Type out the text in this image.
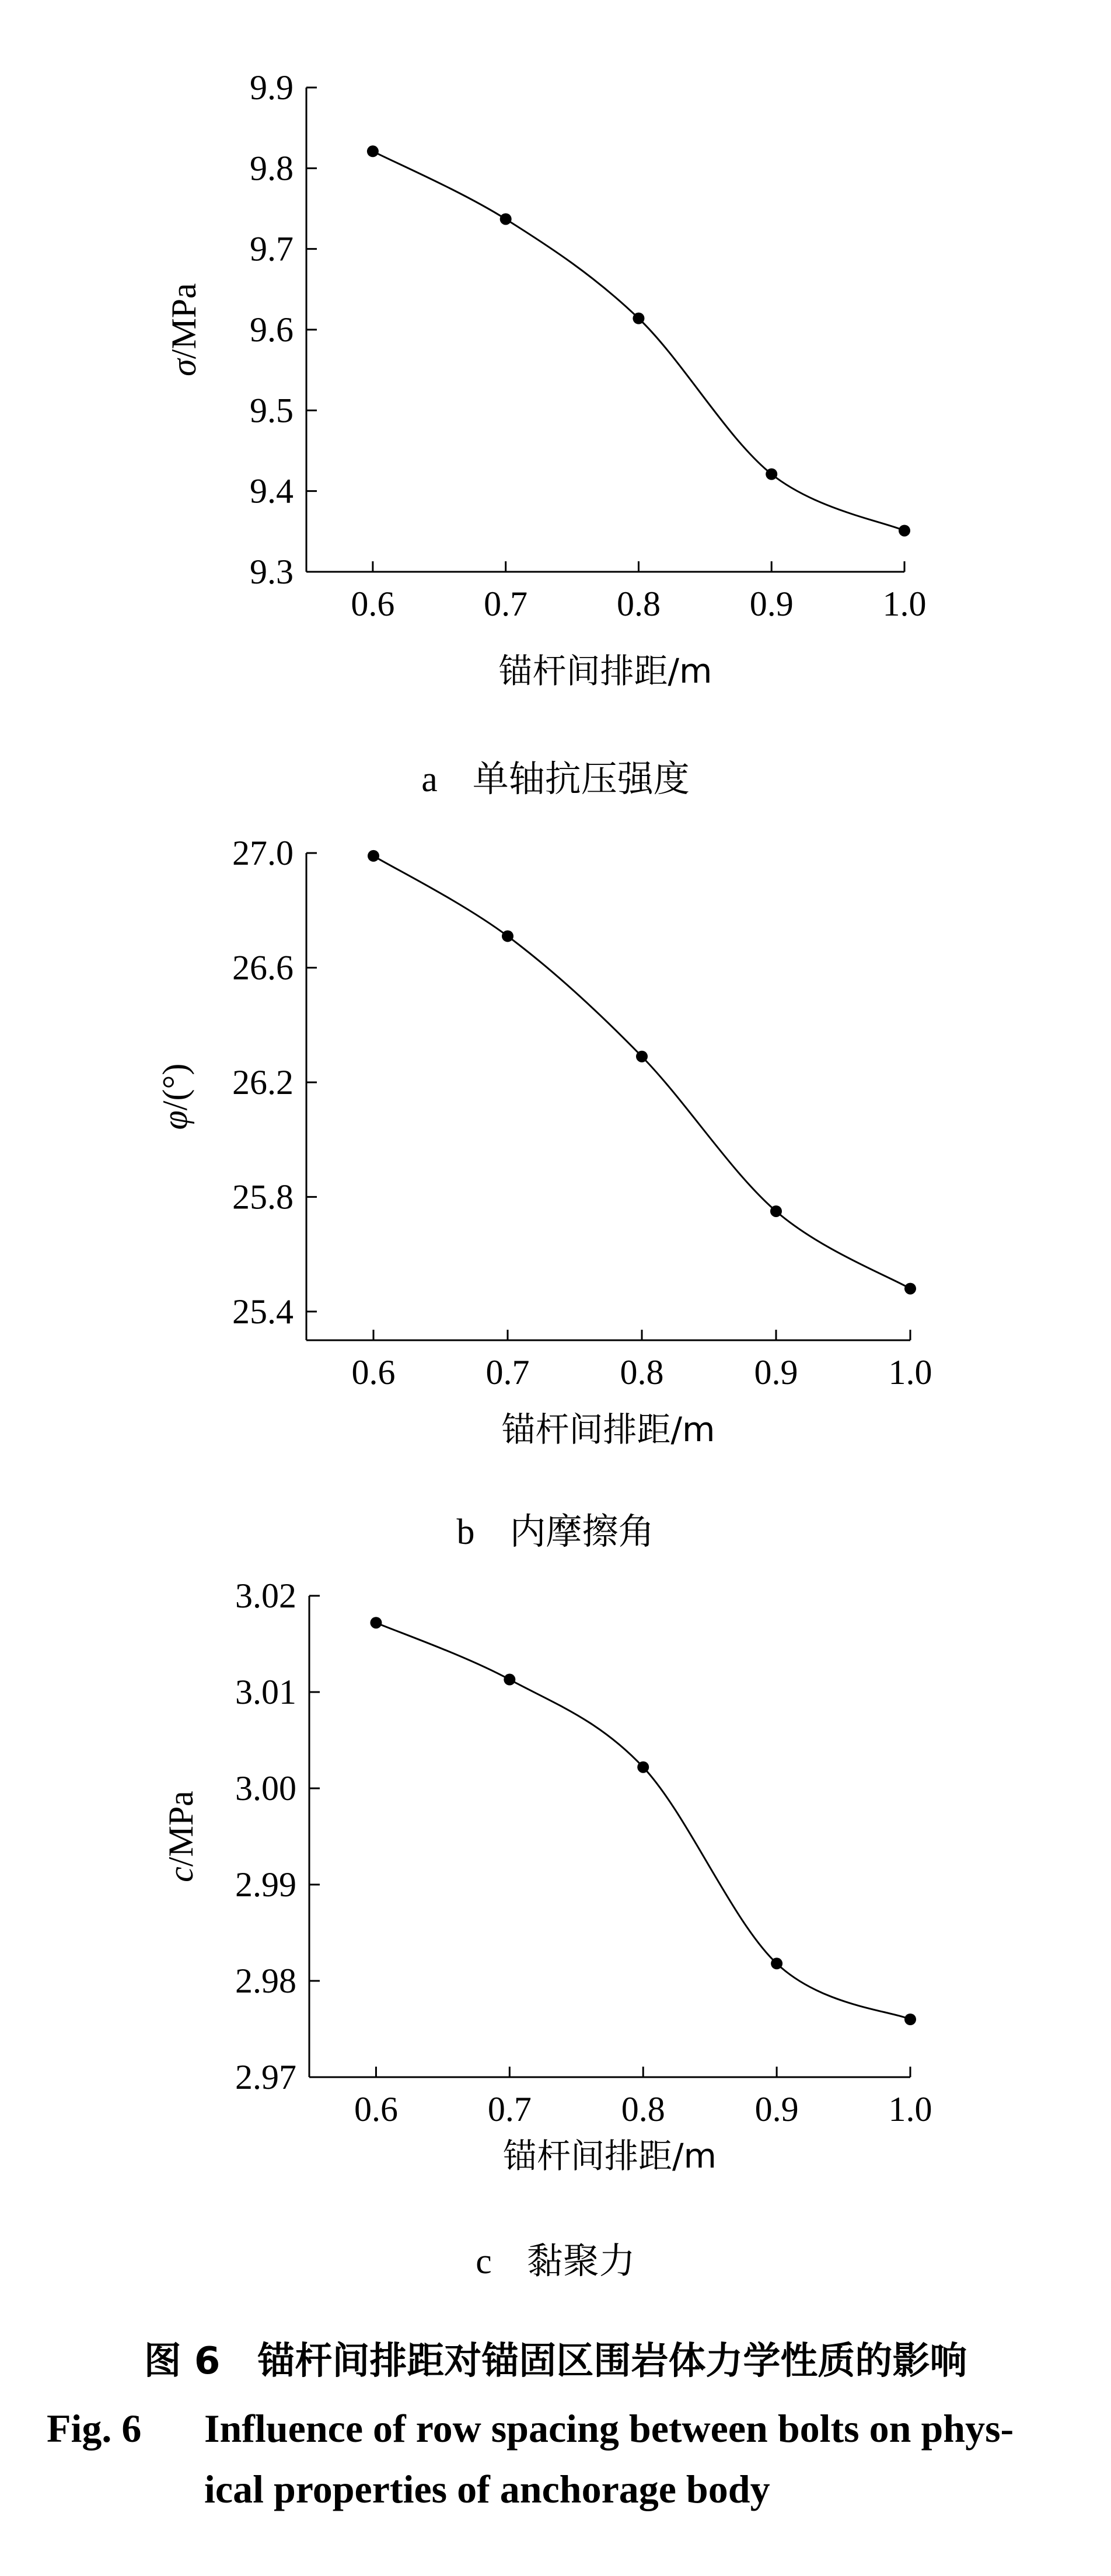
9.3
9.4
9.5
9.6
9.7
9.8
9.9
0.6	0.7	0.8	0.9	1.0
锚杆间排距/m
σ/MPa
a 单轴抗压强度
25.4
25.8
26.2
26.6
27.0
0.6	0.7	0.8	0.9	1.0
锚杆间排距/m
φ/(°)
b 内摩擦角
2.97
2.98
2.99
3.00
3.01
3.02
0.6	0.7	0.8	0.9	1.0
锚杆间排距/m
c/MPa
c 黏聚力
图 6　锚杆间排距对锚固区围岩体力学性质的影响
Fig. 6 Influence of row spacing between bolts on phys-
ical properties of anchorage body
